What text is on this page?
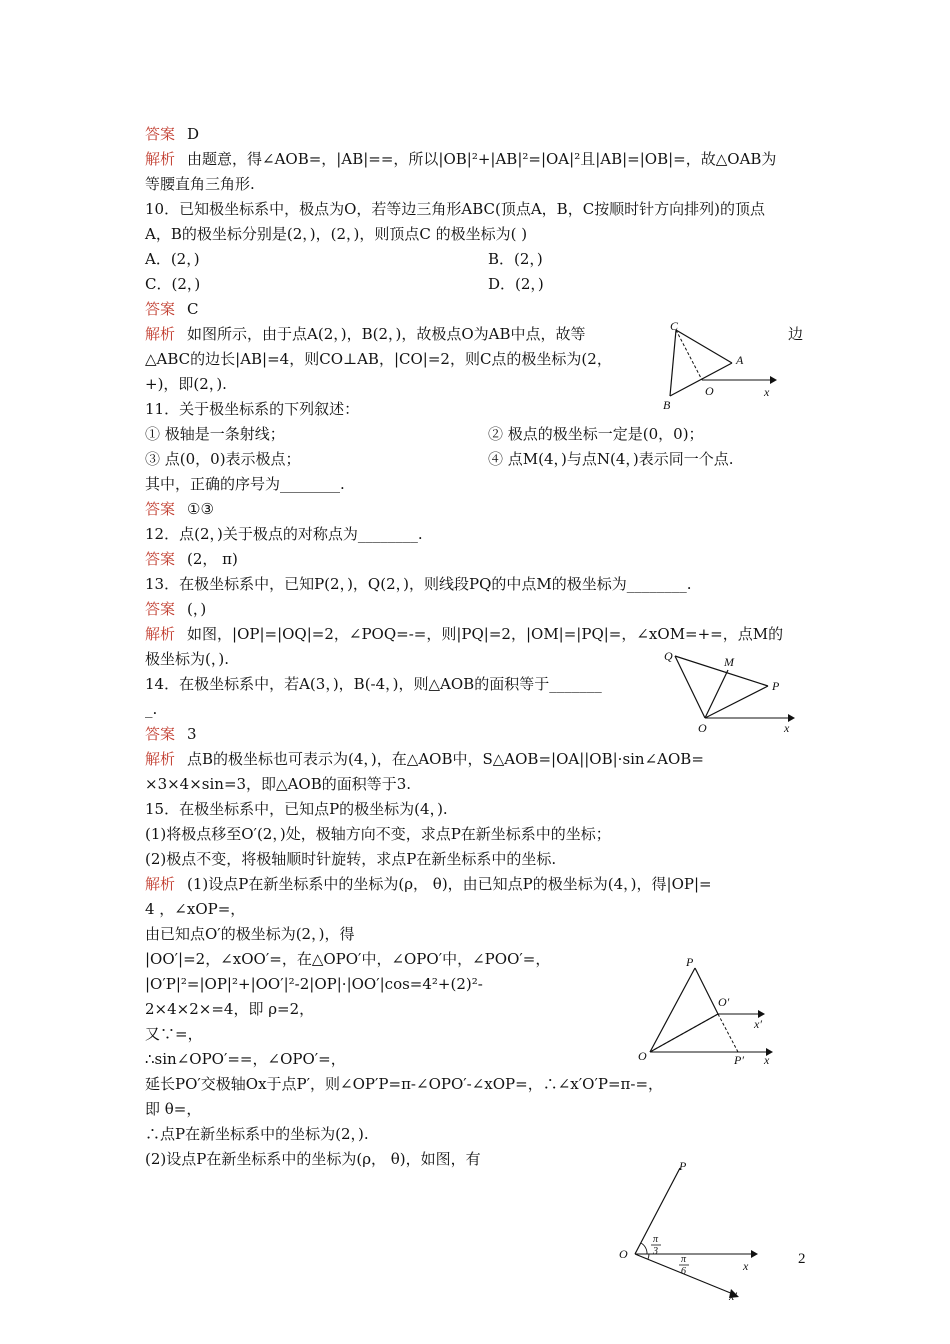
答案 D
解析 由题意，得∠AOB=，|AB|==，所以|OB|²+|AB|²=|OA|²且|AB|=|OB|=，故△OAB为
等腰直角三角形.
10．已知极坐标系中，极点为O，若等边三角形ABC(顶点A，B，C按顺时针方向排列)的顶点
A，B的极坐标分别是(2，)，(2，)，则顶点C 的极坐标为( )
A．(2，)	B．(2，)
C．(2，)	D．(2，)
答案 C
解析 如图所示，由于点A(2，)，B(2，)，故极点O为AB中点，故等	边
△ABC的边长|AB|=4，则CO⊥AB，|CO|=2，则C点的极坐标为(2，
+)，即(2，).
11．关于极坐标系的下列叙述：
① 极轴是一条射线；	② 极点的极坐标一定是(0，0)；
③ 点(0，0)表示极点；	④ 点M(4，)与点N(4，)表示同一个点.
其中，正确的序号为________.
答案 ①③
12．点(2，)关于极点的对称点为________.
答案 (2， π)
13．在极坐标系中，已知P(2，)，Q(2，)，则线段PQ的中点M的极坐标为________.
答案 (，)
解析 如图，|OP|=|OQ|=2，∠POQ=-=，则|PQ|=2，|OM|=|PQ|=，∠xOM=+=，点M的
极坐标为(，).
14．在极坐标系中，若A(3，)，B(-4，)，则△AOB的面积等于_______
_.
答案 3
解析 点B的极坐标也可表示为(4，)，在△AOB中，S△AOB=|OA||OB|·sin∠AOB=
×3×4×sin=3，即△AOB的面积等于3.
15．在极坐标系中，已知点P的极坐标为(4，).
(1)将极点移至O′(2，)处，极轴方向不变，求点P在新坐标系中的坐标；
(2)极点不变，将极轴顺时针旋转，求点P在新坐标系中的坐标.
解析 (1)设点P在新坐标系中的坐标为(ρ， θ)，由已知点P的极坐标为(4，)，得|OP|=
4 ，∠xOP=，
由已知点O′的极坐标为(2，)，得
|OO′|=2，∠xOO′=，在△OPO′中，∠OPO′中，∠POO′=，
|O′P|²=|OP|²+|OO′|²-2|OP|·|OO′|cos=4²+(2)²-
2×4×2×=4，即 ρ=2，
又∵=，
∴sin∠OPO′==，∠OPO′=，
延长PO′交极轴Ox于点P′，则∠OP′P=π-∠OPO′-∠xOP=，∴∠x′O′P=π-=，
即 θ=，
∴点P在新坐标系中的坐标为(2，).
(2)设点P在新坐标系中的坐标为(ρ， θ)，如图，有
C
A
O
B
x
Q	M
P
O	x
P
O′
x′
O	P′ x
O
P
x
x′
π
3
π
6
2
